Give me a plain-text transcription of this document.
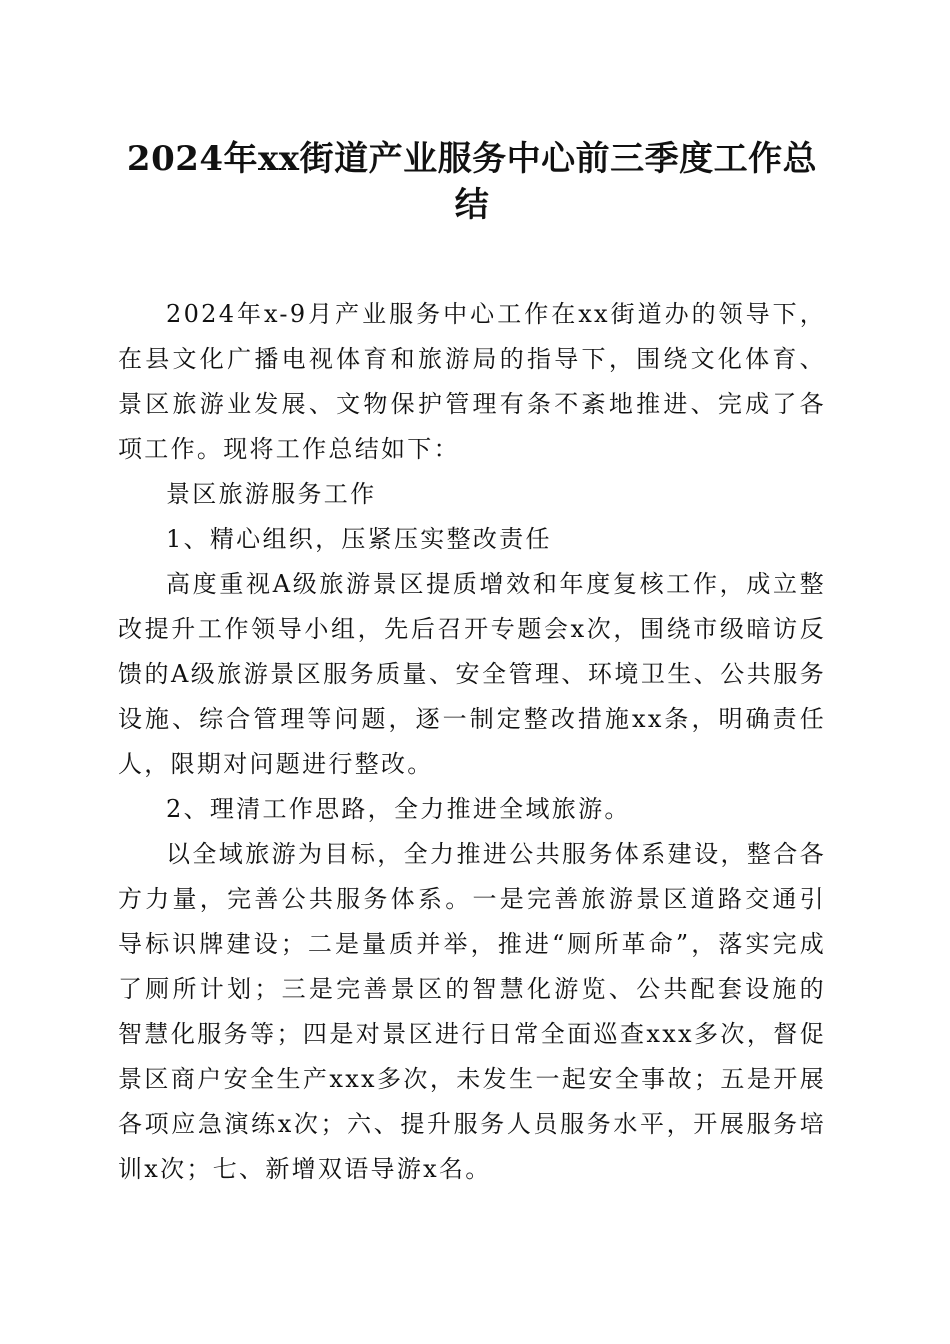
2024年xx街道产业服务中心前三季度工作总
结

2024年x-9月产业服务中心工作在xx街道办的领导下，在县文化广播电视体育和旅游局的指导下，围绕文化体育、景区旅游业发展、文物保护管理有条不紊地推进、完成了各项工作。现将工作总结如下：

景区旅游服务工作

1、精心组织，压紧压实整改责任

高度重视A级旅游景区提质增效和年度复核工作，成立整改提升工作领导小组，先后召开专题会x次，围绕市级暗访反馈的A级旅游景区服务质量、安全管理、环境卫生、公共服务设施、综合管理等问题，逐一制定整改措施xx条，明确责任人，限期对问题进行整改。

2、理清工作思路，全力推进全域旅游。

以全域旅游为目标，全力推进公共服务体系建设，整合各方力量，完善公共服务体系。一是完善旅游景区道路交通引导标识牌建设；二是量质并举，推进“厕所革命”，落实完成了厕所计划；三是完善景区的智慧化游览、公共配套设施的智慧化服务等；四是对景区进行日常全面巡查xxx多次，督促景区商户安全生产xxx多次，未发生一起安全事故；五是开展各项应急演练x次；六、提升服务人员服务水平，开展服务培训x次；七、新增双语导游x名。
